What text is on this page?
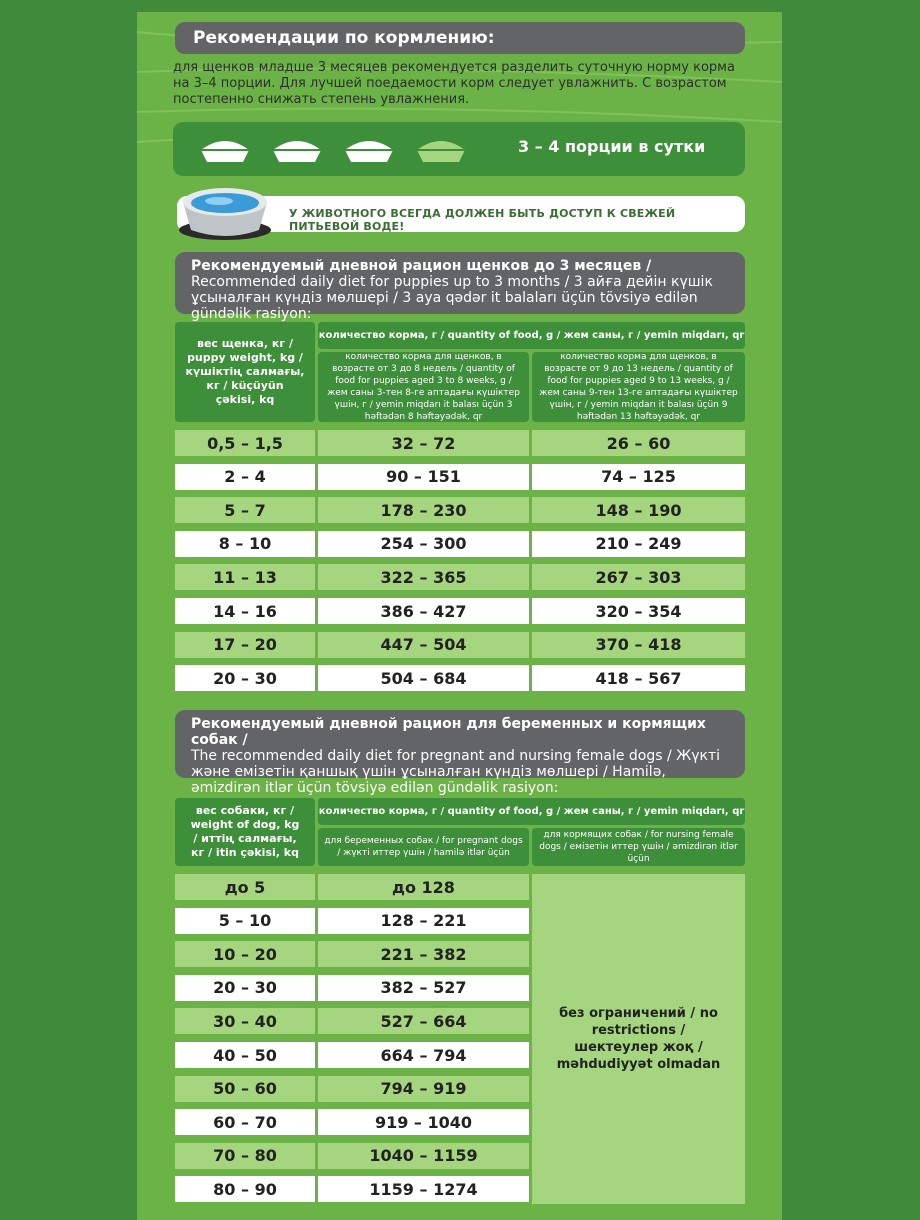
Рекомендации по кормлению:
для щенков младше 3 месяцев рекомендуется разделить суточную норму корма на 3–4 порции. Для лучшей поедаемости корм следует увлажнить. С возрастом постепенно снижать степень увлажнения.
3 – 4 порции в сутки
У ЖИВОТНОГО ВСЕГДА ДОЛЖЕН БЫТЬ ДОСТУП К СВЕЖЕЙ ПИТЬЕВОЙ ВОДЕ!
Рекомендуемый дневной рацион щенков до 3 месяцев / Recommended daily diet for puppies up to 3 months / 3 айға дейін күшік ұсыналған күндіз мөлшері / 3 aya qədər it balaları üçün tövsiyə edilən gündəlik rasiyon:
вес щенка, кг / puppy weight, kg / күшіктің салмағы, кг / küçüyün çəkisi, kq
количество корма, г / quantity of food, g / жем саны, г / yemin miqdarı, qr
количество корма для щенков, в возрасте от 3 до 8 недель / quantity of food for puppies aged 3 to 8 weeks, g / жем саны 3-тен 8-ге аптадағы күшіктер үшін, г / yemin miqdarı it balası üçün 3 həftədən 8 həftəyədək, qr
количество корма для щенков, в возрасте от 9 до 13 недель / quantity of food for puppies aged 9 to 13 weeks, g / жем саны 9-тен 13-ге аптадағы күшіктер үшін, г / yemin miqdarı it balası üçün 9 həftədən 13 həftəyədək, qr
0,5 – 1,5	32 – 72	26 – 60
2 – 4	90 – 151	74 – 125
5 – 7	178 – 230	148 – 190
8 – 10	254 – 300	210 – 249
11 – 13	322 – 365	267 – 303
14 – 16	386 – 427	320 – 354
17 – 20	447 – 504	370 – 418
20 – 30	504 – 684	418 – 567
Рекомендуемый дневной рацион для беременных и кормящих собак /
The recommended daily diet for pregnant and nursing female dogs / Жүкті және емізетін қаншық үшін ұсыналған күндіз мөлшері / Hamilə, əmizdirən itlər üçün tövsiyə edilən gündəlik rasiyon:
вес собаки, кг / weight of dog, kg / иттің салмағы, кг / itin çəkisi, kq
количество корма, г / quantity of food, g / жем саны, г / yemin miqdarı, qr
для беременных собак / for pregnant dogs / жүкті иттер үшін / hamilə itlər üçün
для кормящих собак / for nursing female dogs / емізетін иттер үшін / əmizdirən itlər üçün
до 5	до 128
5 – 10	128 – 221
10 – 20	221 – 382
20 – 30	382 – 527
30 – 40	527 – 664
40 – 50	664 – 794
50 – 60	794 – 919
60 – 70	919 – 1040
70 – 80	1040 – 1159
80 – 90	1159 – 1274
без ограничений / no restrictions / шектеулер жоқ / məhdudiyyət olmadan
